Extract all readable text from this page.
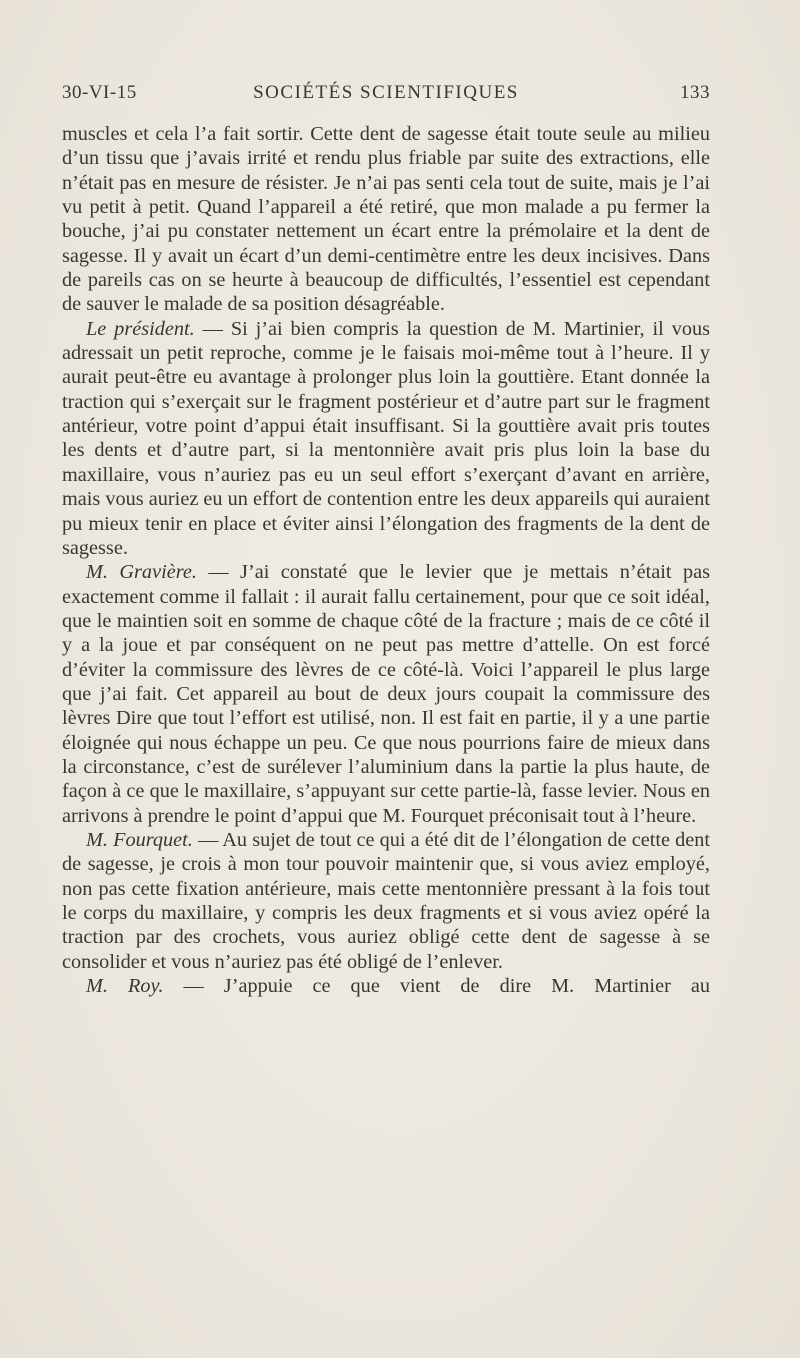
30-VI-15	SOCIÉTÉS SCIENTIFIQUES	133

muscles et cela l’a fait sortir. Cette dent de sagesse était toute seule au milieu d’un tissu que j’avais irrité et rendu plus friable par suite des extractions, elle n’était pas en mesure de résister. Je n’ai pas senti cela tout de suite, mais je l’ai vu petit à petit. Quand l’appareil a été retiré, que mon malade a pu fermer la bouche, j’ai pu constater nettement un écart entre la prémolaire et la dent de sagesse. Il y avait un écart d’un demi-centimètre entre les deux incisives. Dans de pareils cas on se heurte à beaucoup de difficultés, l’essentiel est cependant de sauver le malade de sa position désagréable.

Le président. — Si j’ai bien compris la question de M. Martinier, il vous adressait un petit reproche, comme je le faisais moi-même tout à l’heure. Il y aurait peut-être eu avantage à prolonger plus loin la gouttière. Etant donnée la traction qui s’exerçait sur le fragment postérieur et d’autre part sur le fragment antérieur, votre point d’appui était insuffisant. Si la gouttière avait pris toutes les dents et d’autre part, si la mentonnière avait pris plus loin la base du maxillaire, vous n’auriez pas eu un seul effort s’exerçant d’avant en arrière, mais vous auriez eu un effort de contention entre les deux appareils qui auraient pu mieux tenir en place et éviter ainsi l’élongation des fragments de la dent de sagesse.

M. Gravière. — J’ai constaté que le levier que je mettais n’était pas exactement comme il fallait : il aurait fallu certainement, pour que ce soit idéal, que le maintien soit en somme de chaque côté de la fracture ; mais de ce côté il y a la joue et par conséquent on ne peut pas mettre d’attelle. On est forcé d’éviter la commissure des lèvres de ce côté-là. Voici l’appareil le plus large que j’ai fait. Cet appareil au bout de deux jours coupait la commissure des lèvres Dire que tout l’effort est utilisé, non. Il est fait en partie, il y a une partie éloignée qui nous échappe un peu. Ce que nous pourrions faire de mieux dans la circonstance, c’est de surélever l’aluminium dans la partie la plus haute, de façon à ce que le maxillaire, s’appuyant sur cette partie-là, fasse levier. Nous en arrivons à prendre le point d’appui que M. Fourquet préconisait tout à l’heure.

M. Fourquet. — Au sujet de tout ce qui a été dit de l’élongation de cette dent de sagesse, je crois à mon tour pouvoir maintenir que, si vous aviez employé, non pas cette fixation antérieure, mais cette mentonnière pressant à la fois tout le corps du maxillaire, y compris les deux fragments et si vous aviez opéré la traction par des crochets, vous auriez obligé cette dent de sagesse à se consolider et vous n’auriez pas été obligé de l’enlever.

M. Roy. — J’appuie ce que vient de dire M. Martinier au
